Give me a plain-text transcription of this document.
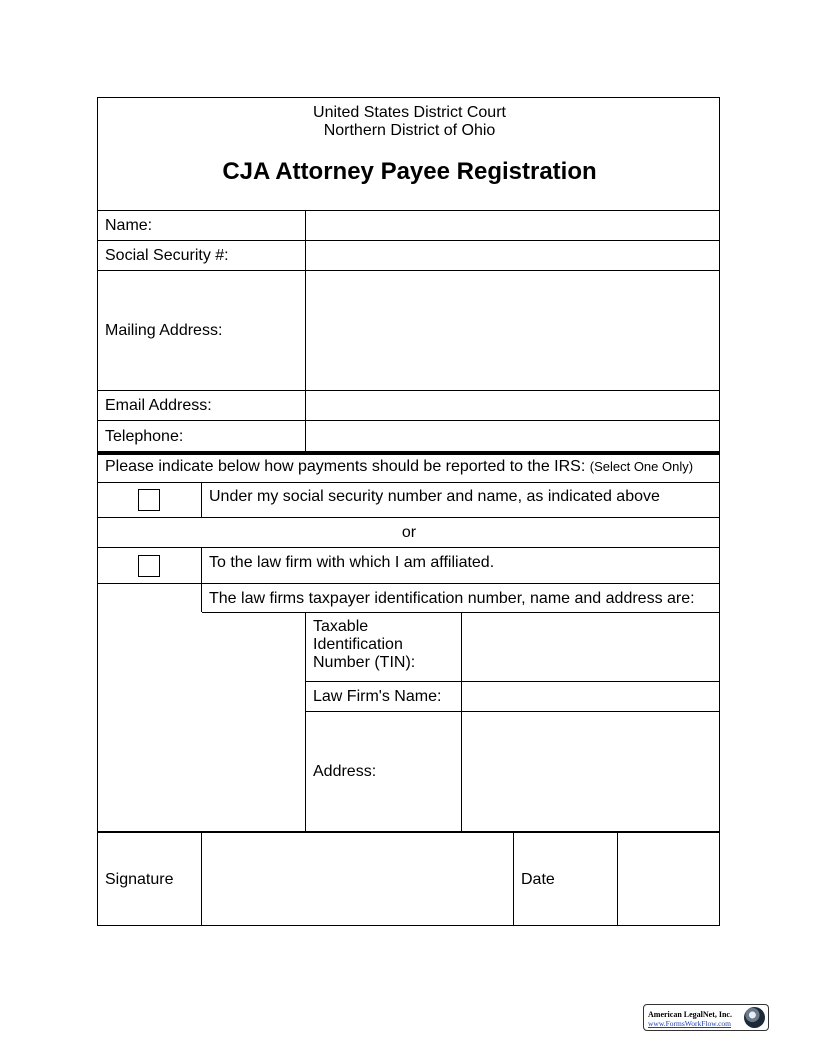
United States District Court
Northern District of Ohio
CJA Attorney Payee Registration
Name:
Social Security #:
Mailing Address:
Email Address:
Telephone:
Please indicate below how payments should be reported to the IRS: (Select One Only)
Under my social security number and name, as indicated above
or
To the law firm with which I am affiliated.
The law firms taxpayer identification number, name and address are:
Taxable
Identification
Number (TIN):
Law Firm's Name:
Address:
Signature	Date
American LegalNet, Inc.
www.FormsWorkFlow.com
